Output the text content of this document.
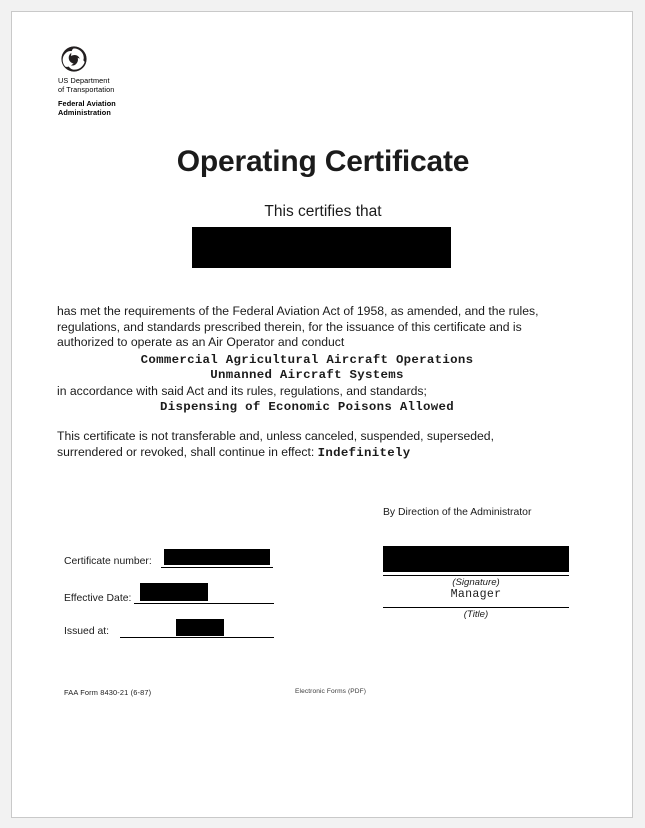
US Department
of Transportation
Federal Aviation
Administration
Operating Certificate
This certifies that
has met the requirements of the Federal Aviation Act of 1958, as amended, and the rules, regulations, and standards prescribed therein, for the issuance of this certificate and is authorized to operate as an Air Operator and conduct
Commercial Agricultural Aircraft Operations
Unmanned Aircraft Systems
in accordance with said Act and its rules, regulations, and standards;
Dispensing of Economic Poisons Allowed
This certificate is not transferable and, unless canceled, suspended, superseded, surrendered or revoked, shall continue in effect: Indefinitely
By Direction of the Administrator
(Signature)
Manager
(Title)
Certificate number:
Effective Date:
Issued at:
FAA Form 8430-21 (6-87)	Electronic Forms (PDF)
